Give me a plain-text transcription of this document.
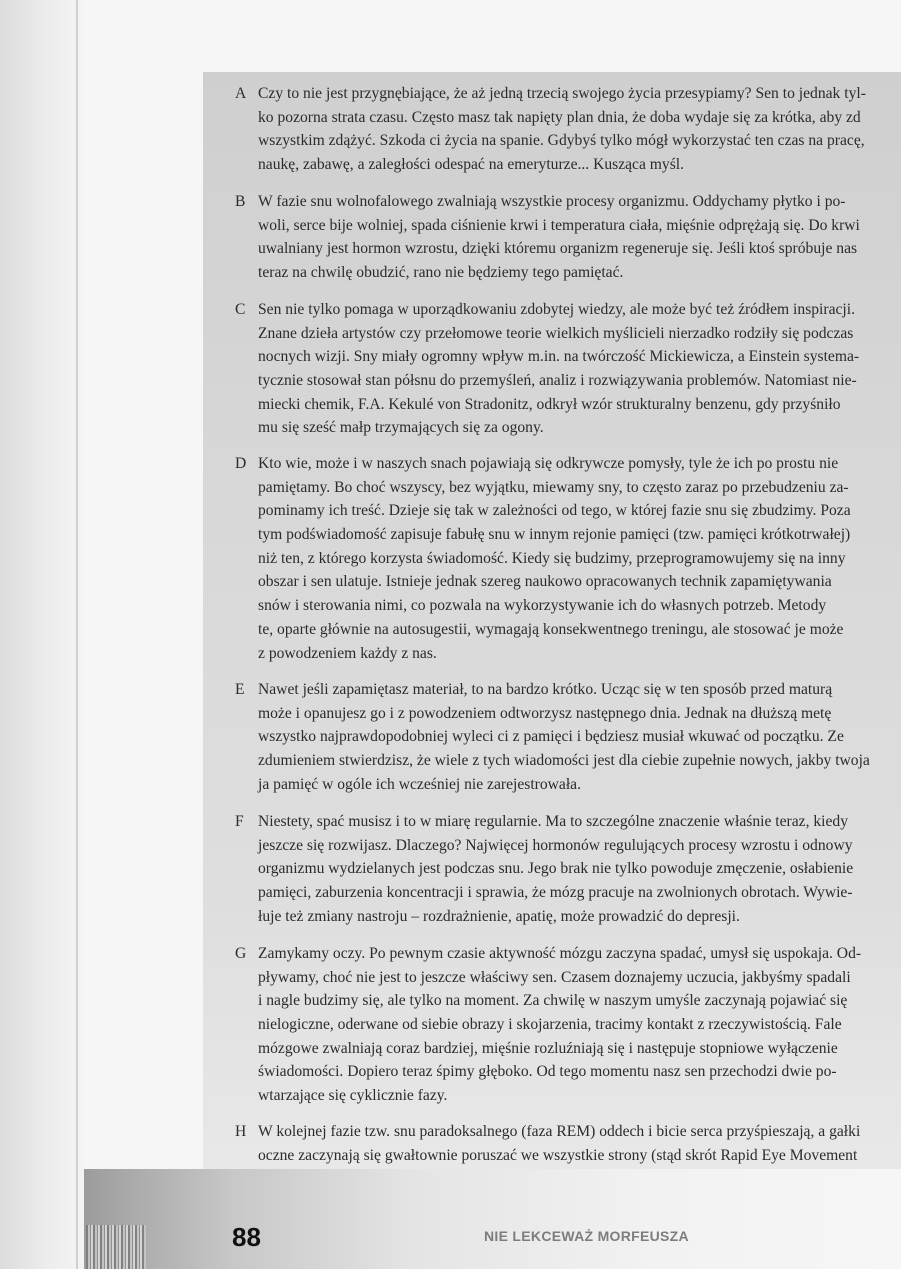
A Czy to nie jest przygnębiające, że aż jedną trzecią swojego życia przesypiamy? Sen to jednak tyl-
ko pozorna strata czasu. Często masz tak napięty plan dnia, że doba wydaje się za krótka, aby zd
wszystkim zdążyć. Szkoda ci życia na spanie. Gdybyś tylko mógł wykorzystać ten czas na pracę,
naukę, zabawę, a zaległości odespać na emeryturze... Kusząca myśl.
B W fazie snu wolnofalowego zwalniają wszystkie procesy organizmu. Oddychamy płytko i po-
woli, serce bije wolniej, spada ciśnienie krwi i temperatura ciała, mięśnie odprężają się. Do krwi
uwalniany jest hormon wzrostu, dzięki któremu organizm regeneruje się. Jeśli ktoś spróbuje nas
teraz na chwilę obudzić, rano nie będziemy tego pamiętać.
C Sen nie tylko pomaga w uporządkowaniu zdobytej wiedzy, ale może być też źródłem inspiracji.
Znane dzieła artystów czy przełomowe teorie wielkich myślicieli nierzadko rodziły się podczas
nocnych wizji. Sny miały ogromny wpływ m.in. na twórczość Mickiewicza, a Einstein systema-
tycznie stosował stan półsnu do przemyśleń, analiz i rozwiązywania problemów. Natomiast nie-
miecki chemik, F.A. Kekulé von Stradonitz, odkrył wzór strukturalny benzenu, gdy przyśniło
mu się sześć małp trzymających się za ogony.
D Kto wie, może i w naszych snach pojawiają się odkrywcze pomysły, tyle że ich po prostu nie
pamiętamy. Bo choć wszyscy, bez wyjątku, miewamy sny, to często zaraz po przebudzeniu za-
pominamy ich treść. Dzieje się tak w zależności od tego, w której fazie snu się zbudzimy. Poza
tym podświadomość zapisuje fabułę snu w innym rejonie pamięci (tzw. pamięci krótkotrwałej)
niż ten, z którego korzysta świadomość. Kiedy się budzimy, przeprogramowujemy się na inny
obszar i sen ulatuje. Istnieje jednak szereg naukowo opracowanych technik zapamiętywania
snów i sterowania nimi, co pozwala na wykorzystywanie ich do własnych potrzeb. Metody
te, oparte głównie na autosugestii, wymagają konsekwentnego treningu, ale stosować je może
z powodzeniem każdy z nas.
E Nawet jeśli zapamiętasz materiał, to na bardzo krótko. Ucząc się w ten sposób przed maturą
może i opanujesz go i z powodzeniem odtworzysz następnego dnia. Jednak na dłuższą metę
wszystko najprawdopodobniej wyleci ci z pamięci i będziesz musiał wkuwać od początku. Ze
zdumieniem stwierdzisz, że wiele z tych wiadomości jest dla ciebie zupełnie nowych, jakby twoja
ja pamięć w ogóle ich wcześniej nie zarejestrowała.
F Niestety, spać musisz i to w miarę regularnie. Ma to szczególne znaczenie właśnie teraz, kiedy
jeszcze się rozwijasz. Dlaczego? Najwięcej hormonów regulujących procesy wzrostu i odnowy
organizmu wydzielanych jest podczas snu. Jego brak nie tylko powoduje zmęczenie, osłabienie
pamięci, zaburzenia koncentracji i sprawia, że mózg pracuje na zwolnionych obrotach. Wywie-
łuje też zmiany nastroju – rozdrażnienie, apatię, może prowadzić do depresji.
G Zamykamy oczy. Po pewnym czasie aktywność mózgu zaczyna spadać, umysł się uspokaja. Od-
pływamy, choć nie jest to jeszcze właściwy sen. Czasem doznajemy uczucia, jakbyśmy spadali
i nagle budzimy się, ale tylko na moment. Za chwilę w naszym umyśle zaczynają pojawiać się
nielogiczne, oderwane od siebie obrazy i skojarzenia, tracimy kontakt z rzeczywistością. Fale
mózgowe zwalniają coraz bardziej, mięśnie rozluźniają się i następuje stopniowe wyłączenie
świadomości. Dopiero teraz śpimy głęboko. Od tego momentu nasz sen przechodzi dwie po-
wtarzające się cyklicznie fazy.
H W kolejnej fazie tzw. snu paradoksalnego (faza REM) oddech i bicie serca przyśpieszają, a gałki
oczne zaczynają się gwałtownie poruszać we wszystkie strony (stąd skrót Rapid Eye Movement
88	NIE LEKCEWAŻ MORFEUSZA
